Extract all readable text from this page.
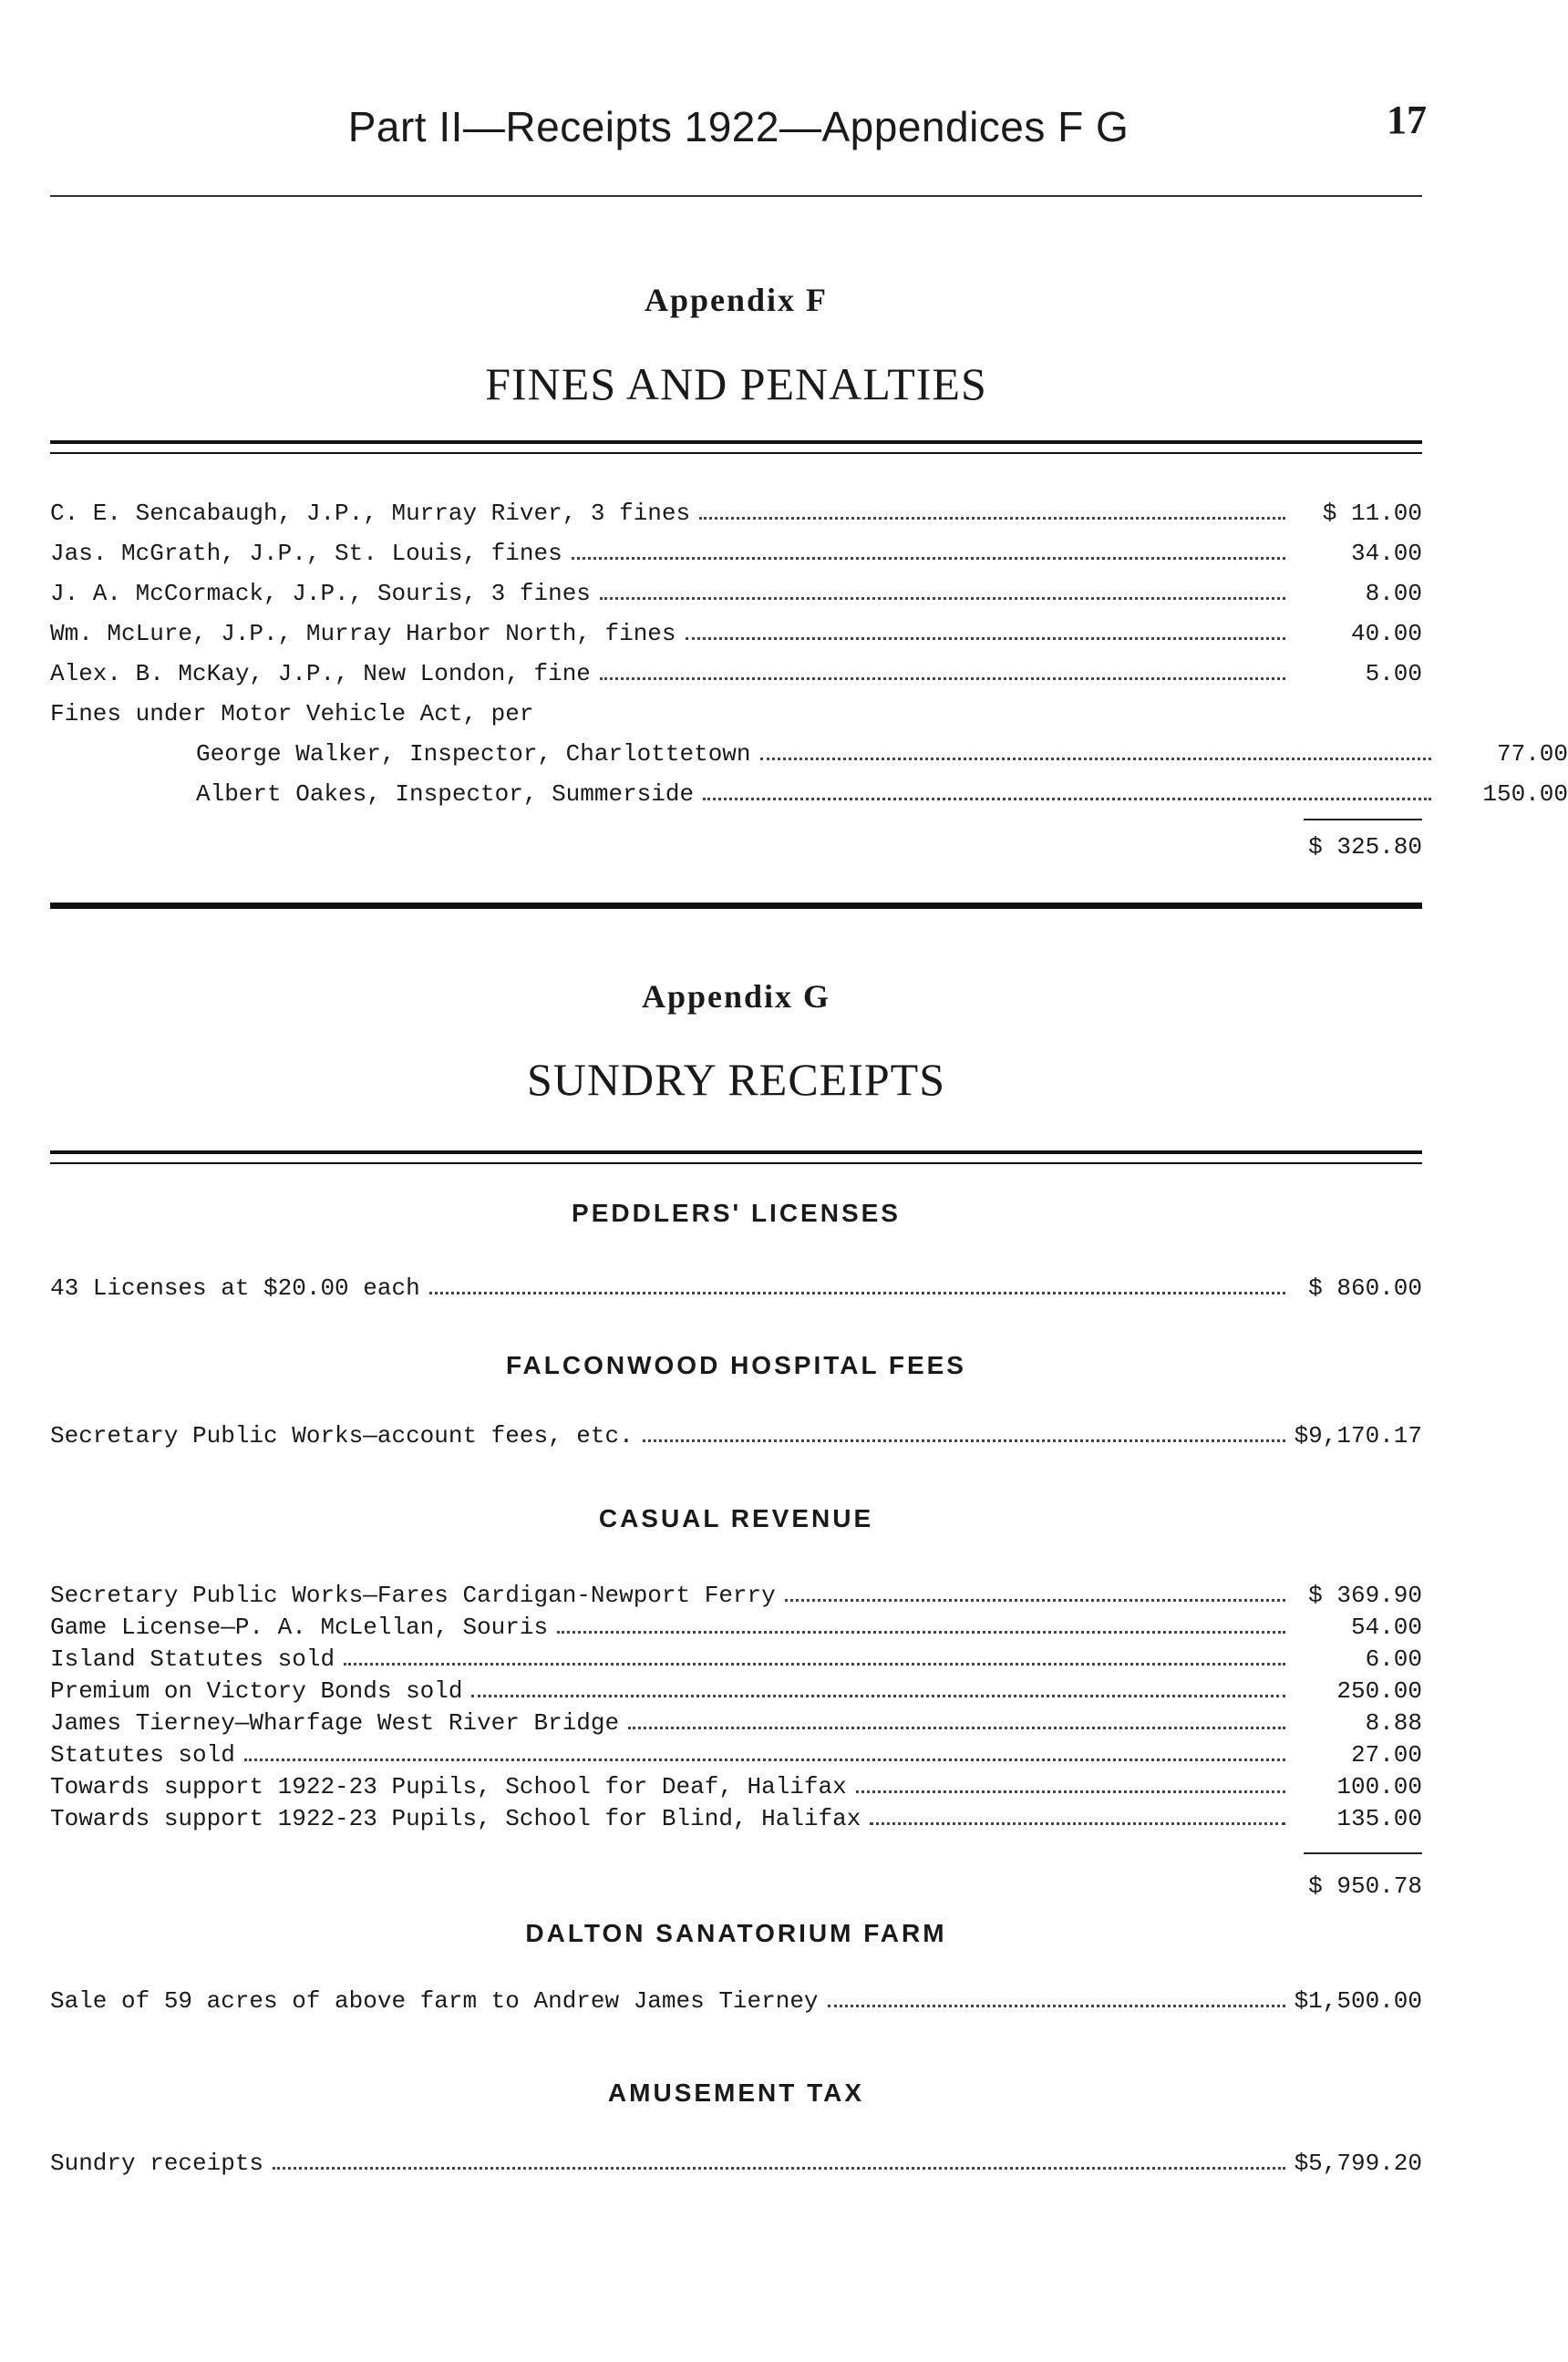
Part II—Receipts 1922—Appendices F G	17
Appendix F
FINES AND PENALTIES
C. E. Sencabaugh, J.P., Murray River, 3 fines	$ 11.00
Jas. McGrath, J.P., St. Louis, fines	34.00
J. A. McCormack, J.P., Souris, 3 fines	8.00
Wm. McLure, J.P., Murray Harbor North, fines	40.00
Alex. B. McKay, J.P., New London, fine	5.00
Fines under Motor Vehicle Act, per
George Walker, Inspector, Charlottetown	77.00
Albert Oakes, Inspector, Summerside	150.00
$ 325.80
Appendix G
SUNDRY RECEIPTS
PEDDLERS' LICENSES
43 Licenses at $20.00 each	$ 860.00
FALCONWOOD HOSPITAL FEES
Secretary Public Works—account fees, etc.	$9,170.17
CASUAL REVENUE
Secretary Public Works—Fares Cardigan-Newport Ferry	$ 369.90
Game License—P. A. McLellan, Souris	54.00
Island Statutes sold	6.00
Premium on Victory Bonds sold	250.00
James Tierney—Wharfage West River Bridge	8.88
Statutes sold	27.00
Towards support 1922-23 Pupils, School for Deaf, Halifax	100.00
Towards support 1922-23 Pupils, School for Blind, Halifax	135.00
$ 950.78
DALTON SANATORIUM FARM
Sale of 59 acres of above farm to Andrew James Tierney	$1,500.00
AMUSEMENT TAX
Sundry receipts	$5,799.20
